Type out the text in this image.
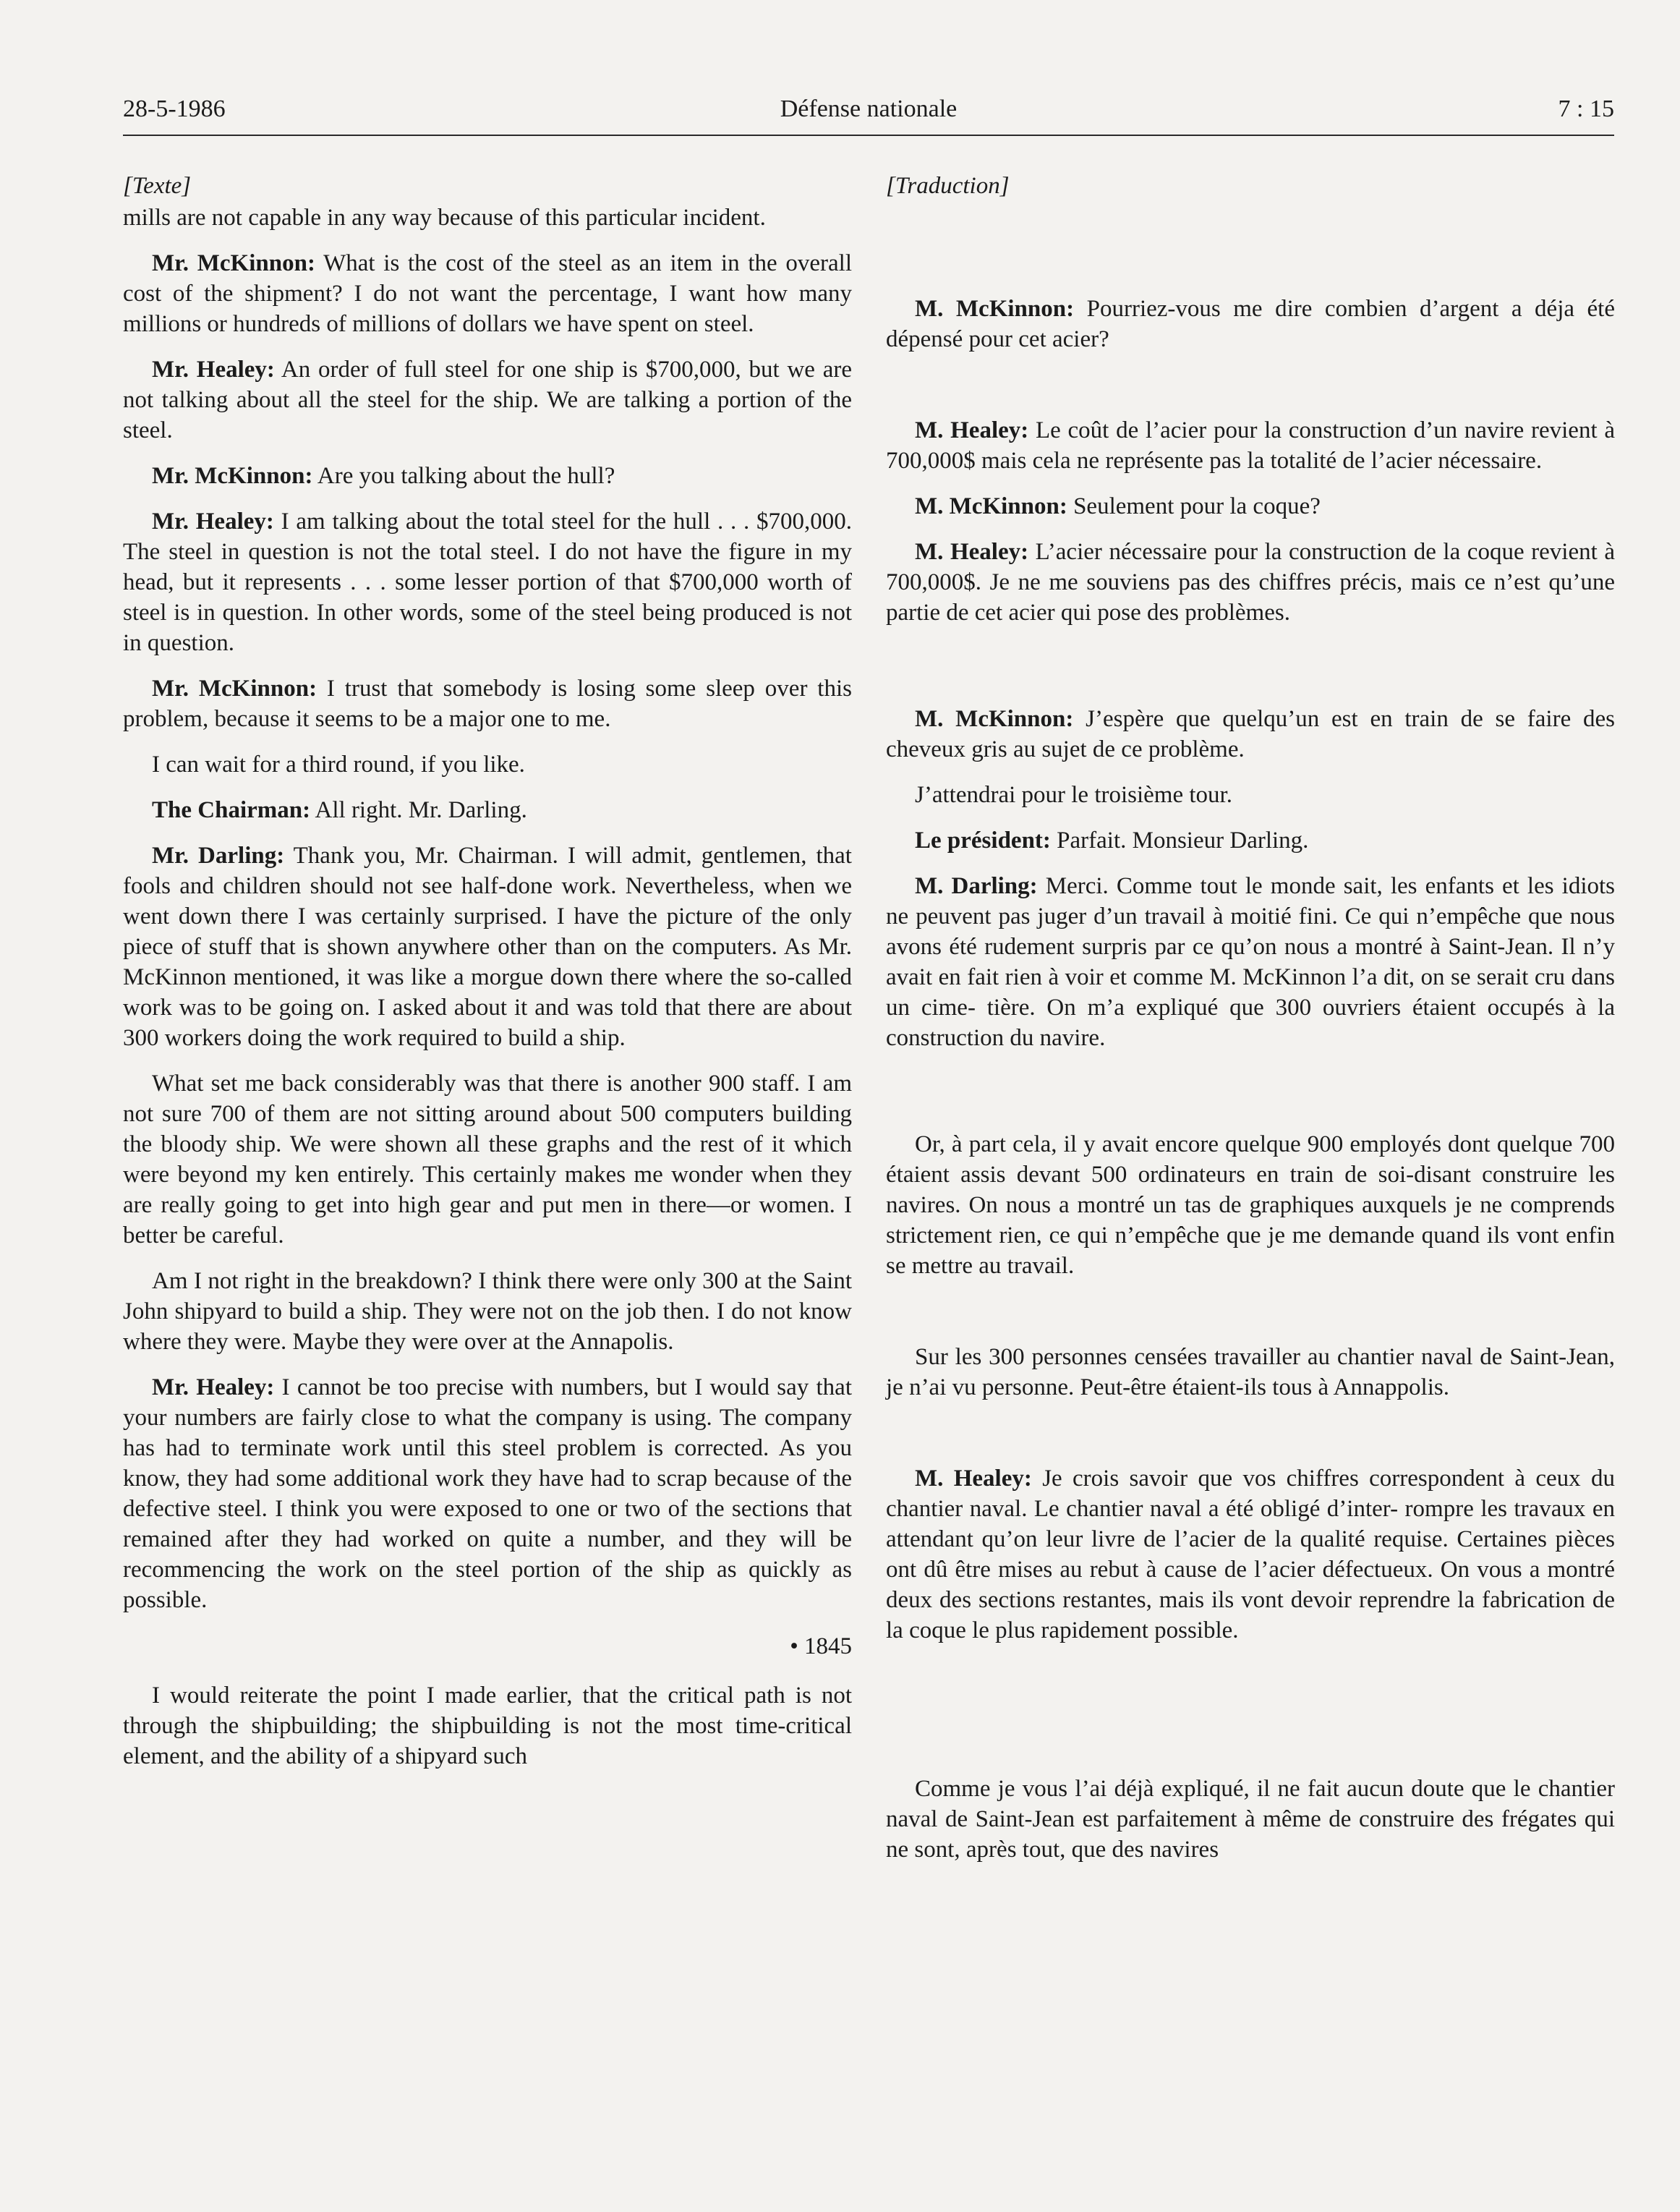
28-5-1986	Défense nationale	7 : 15

[Texte]

mills are not capable in any way because of this particular incident.

Mr. McKinnon: What is the cost of the steel as an item in the overall cost of the shipment? I do not want the percentage, I want how many millions or hundreds of millions of dollars we have spent on steel.

Mr. Healey: An order of full steel for one ship is $700,000, but we are not talking about all the steel for the ship. We are talking a portion of the steel.

Mr. McKinnon: Are you talking about the hull?

Mr. Healey: I am talking about the total steel for the hull . . . $700,000. The steel in question is not the total steel. I do not have the figure in my head, but it represents . . . some lesser portion of that $700,000 worth of steel is in question. In other words, some of the steel being produced is not in question.

Mr. McKinnon: I trust that somebody is losing some sleep over this problem, because it seems to be a major one to me.

I can wait for a third round, if you like.

The Chairman: All right. Mr. Darling.

Mr. Darling: Thank you, Mr. Chairman. I will admit, gentlemen, that fools and children should not see half-done work. Nevertheless, when we went down there I was certainly surprised. I have the picture of the only piece of stuff that is shown anywhere other than on the computers. As Mr. McKinnon mentioned, it was like a morgue down there where the so-called work was to be going on. I asked about it and was told that there are about 300 workers doing the work required to build a ship.

What set me back considerably was that there is another 900 staff. I am not sure 700 of them are not sitting around about 500 computers building the bloody ship. We were shown all these graphs and the rest of it which were beyond my ken entirely. This certainly makes me wonder when they are really going to get into high gear and put men in there—or women. I better be careful.

Am I not right in the breakdown? I think there were only 300 at the Saint John shipyard to build a ship. They were not on the job then. I do not know where they were. Maybe they were over at the Annapolis.

Mr. Healey: I cannot be too precise with numbers, but I would say that your numbers are fairly close to what the company is using. The company has had to terminate work until this steel problem is corrected. As you know, they had some additional work they have had to scrap because of the defective steel. I think you were exposed to one or two of the sections that remained after they had worked on quite a number, and they will be recommencing the work on the steel portion of the ship as quickly as possible.

• 1845

I would reiterate the point I made earlier, that the critical path is not through the shipbuilding; the shipbuilding is not the most time-critical element, and the ability of a shipyard such

[Traduction]

M. McKinnon: Pourriez-vous me dire combien d’argent a déja été dépensé pour cet acier?

M. Healey: Le coût de l’acier pour la construction d’un navire revient à 700,000$ mais cela ne représente pas la totalité de l’acier nécessaire.

M. McKinnon: Seulement pour la coque?

M. Healey: L’acier nécessaire pour la construction de la coque revient à 700,000$. Je ne me souviens pas des chiffres précis, mais ce n’est qu’une partie de cet acier qui pose des problèmes.

M. McKinnon: J’espère que quelqu’un est en train de se faire des cheveux gris au sujet de ce problème.

J’attendrai pour le troisième tour.

Le président: Parfait. Monsieur Darling.

M. Darling: Merci. Comme tout le monde sait, les enfants et les idiots ne peuvent pas juger d’un travail à moitié fini. Ce qui n’empêche que nous avons été rudement surpris par ce qu’on nous a montré à Saint-Jean. Il n’y avait en fait rien à voir et comme M. McKinnon l’a dit, on se serait cru dans un cime- tière. On m’a expliqué que 300 ouvriers étaient occupés à la construction du navire.

Or, à part cela, il y avait encore quelque 900 employés dont quelque 700 étaient assis devant 500 ordinateurs en train de soi-disant construire les navires. On nous a montré un tas de graphiques auxquels je ne comprends strictement rien, ce qui n’empêche que je me demande quand ils vont enfin se mettre au travail.

Sur les 300 personnes censées travailler au chantier naval de Saint-Jean, je n’ai vu personne. Peut-être étaient-ils tous à Annappolis.

M. Healey: Je crois savoir que vos chiffres correspondent à ceux du chantier naval. Le chantier naval a été obligé d’inter- rompre les travaux en attendant qu’on leur livre de l’acier de la qualité requise. Certaines pièces ont dû être mises au rebut à cause de l’acier défectueux. On vous a montré deux des sections restantes, mais ils vont devoir reprendre la fabrication de la coque le plus rapidement possible.

Comme je vous l’ai déjà expliqué, il ne fait aucun doute que le chantier naval de Saint-Jean est parfaitement à même de construire des frégates qui ne sont, après tout, que des navires
